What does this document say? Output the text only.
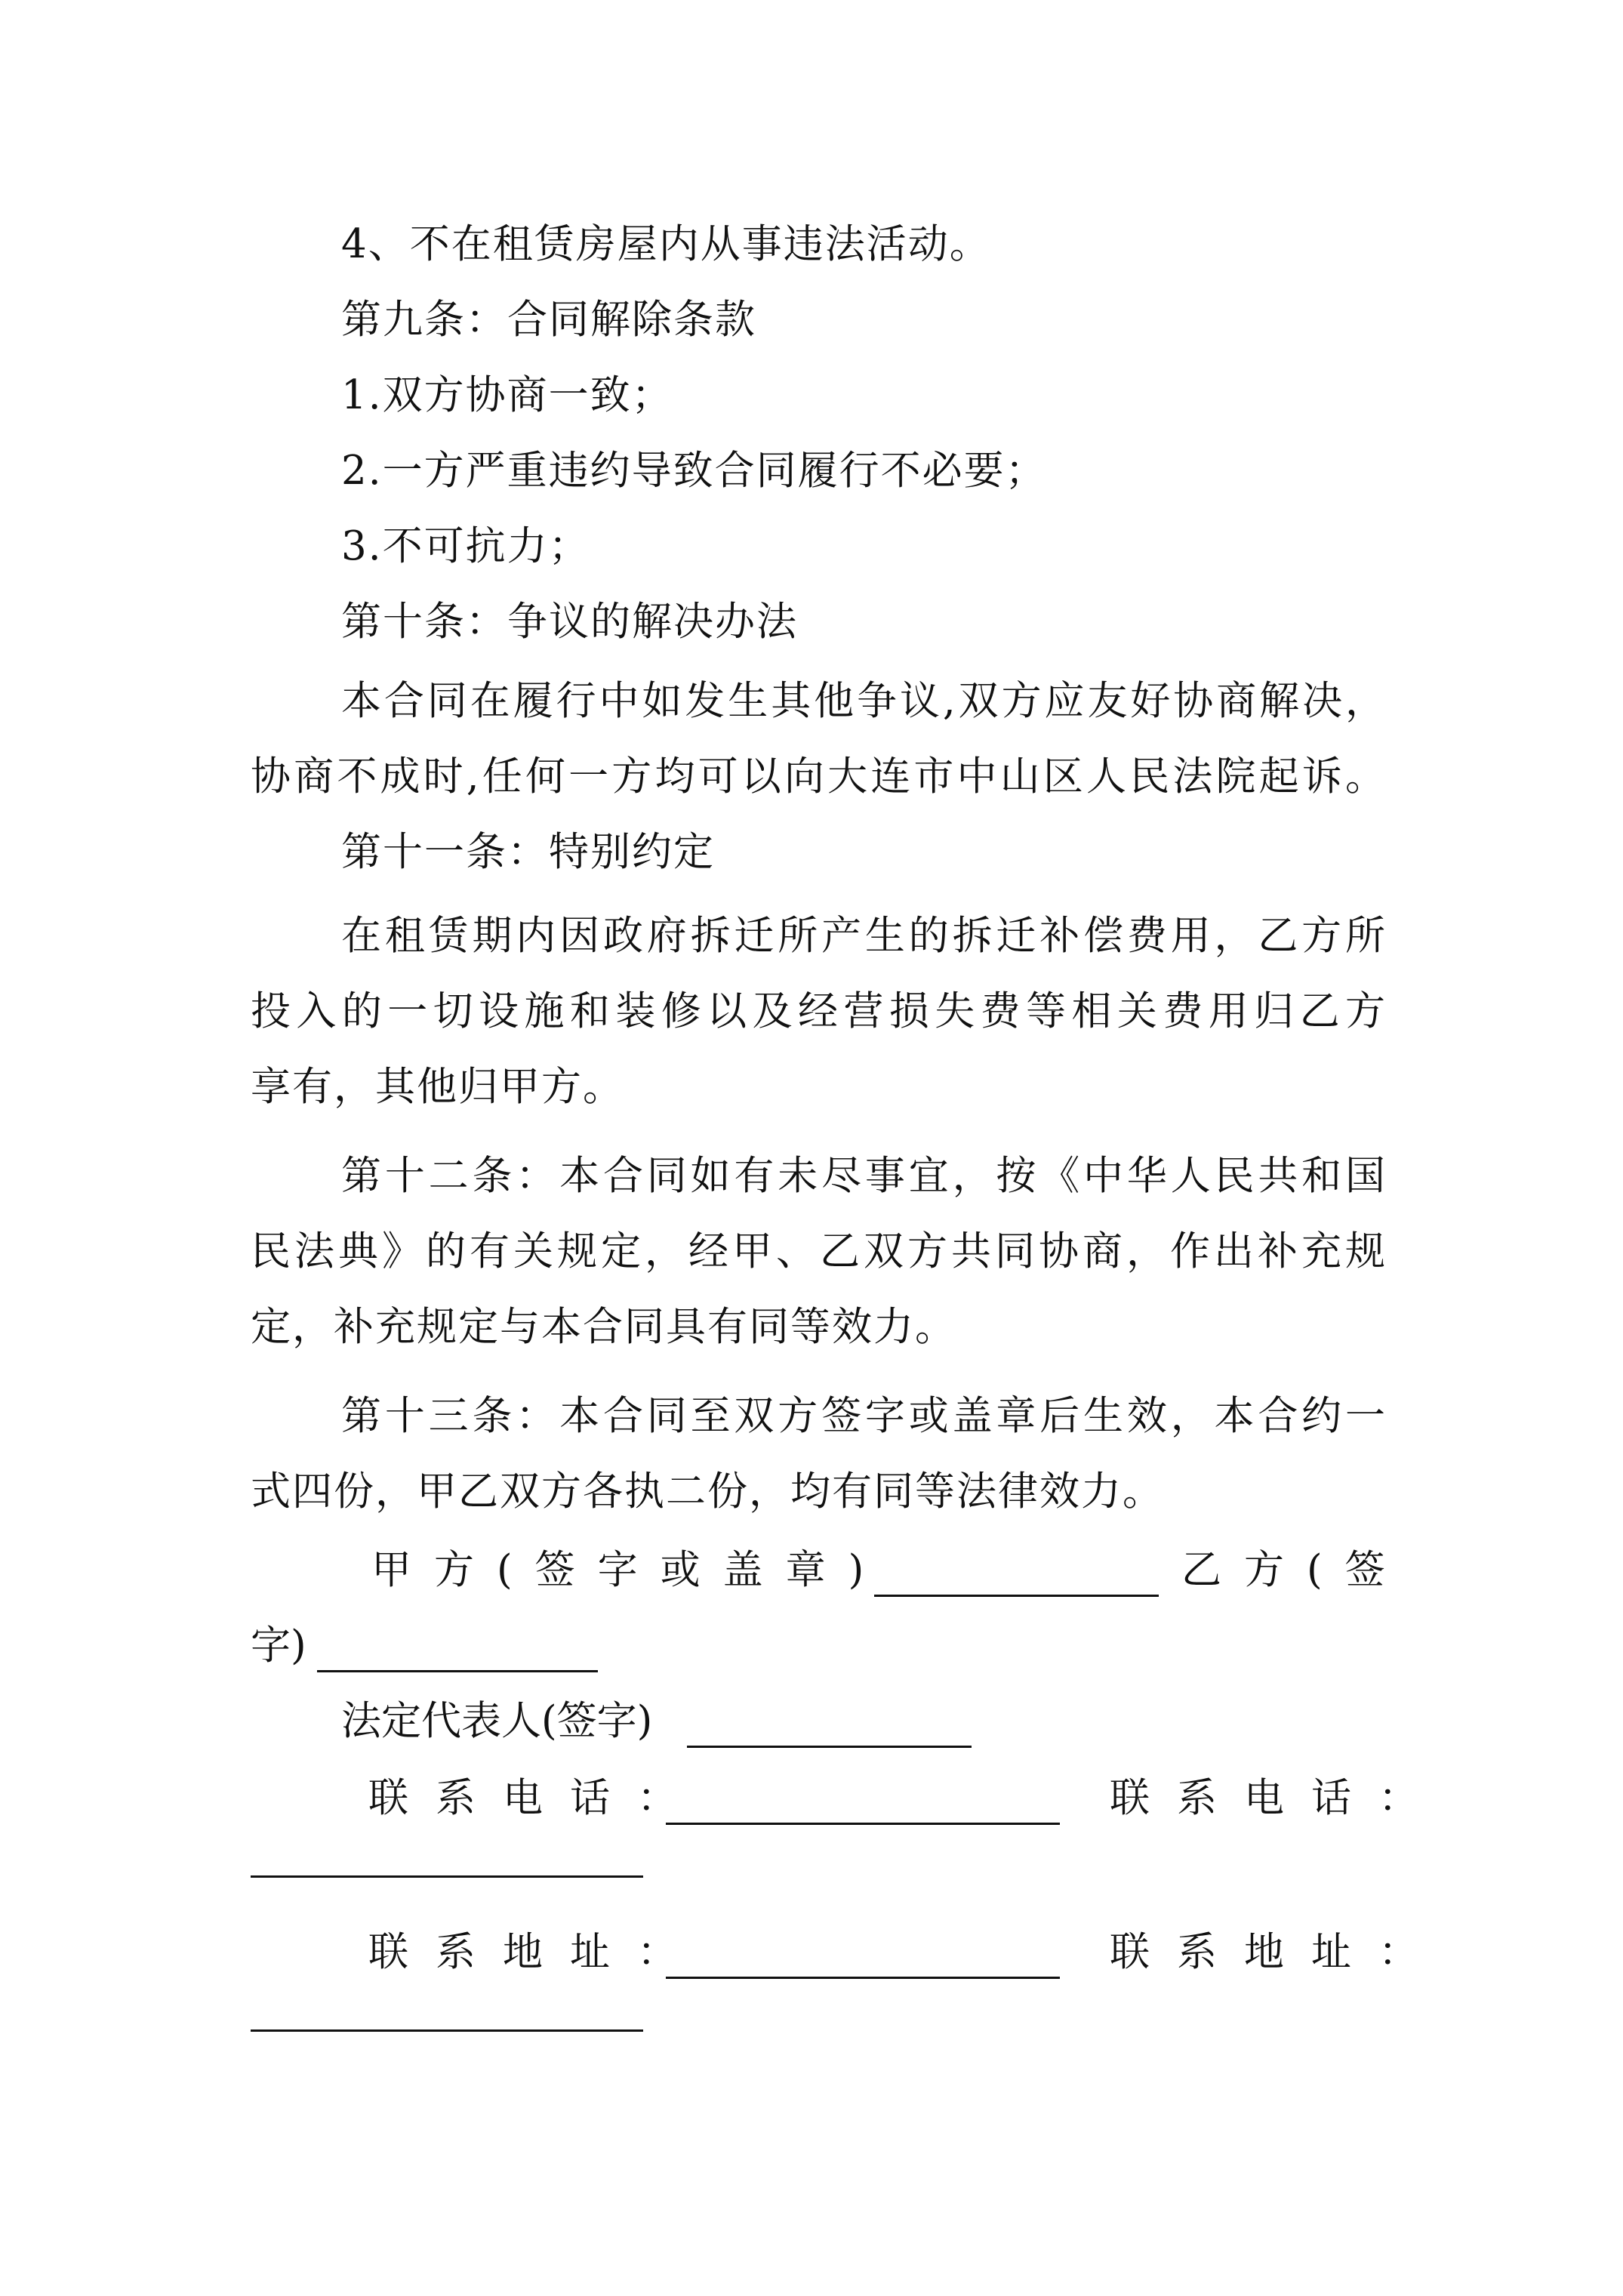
4、不在租赁房屋内从事违法活动。
第九条：合同解除条款
1.双方协商一致；
2.一方严重违约导致合同履行不必要；
3.不可抗力；
第十条：争议的解决办法
本合同在履行中如发生其他争议,双方应友好协商解决，
协商不成时,任何一方均可以向大连市中山区人民法院起诉。
第十一条：特别约定
在租赁期内因政府拆迁所产生的拆迁补偿费用，乙方所
投入的一切设施和装修以及经营损失费等相关费用归乙方
享有，其他归甲方。
第十二条：本合同如有未尽事宜，按《中华人民共和国
民法典》的有关规定，经甲、乙双方共同协商，作出补充规
定，补充规定与本合同具有同等效力。
第十三条：本合同至双方签字或盖章后生效，本合约一
式四份，甲乙双方各执二份，均有同等法律效力。
甲方(签字或盖章)	乙方(签
字)
法定代表人(签字)
联系电话：	联系电话：
联系地址：	联系地址：
